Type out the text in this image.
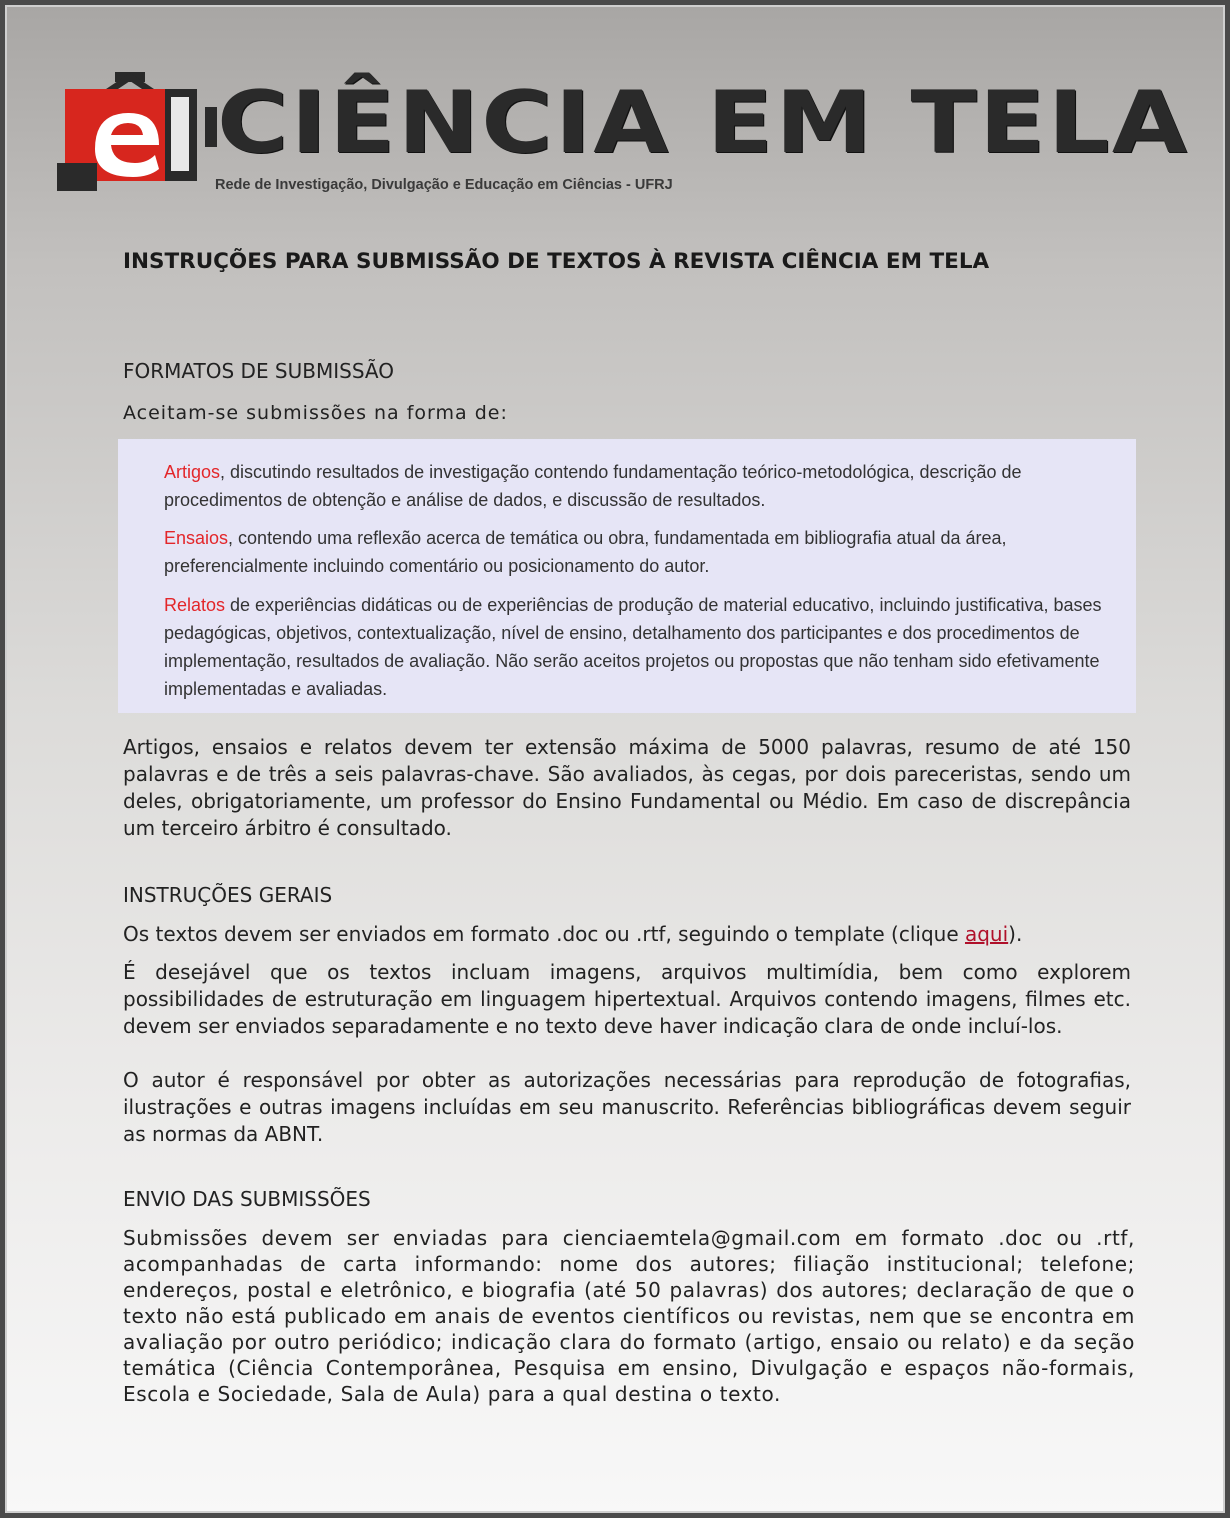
CIÊNCIA EM TELA
Rede de Investigação, Divulgação e Educação em Ciências - UFRJ
INSTRUÇÕES PARA SUBMISSÃO DE TEXTOS À REVISTA CIÊNCIA EM TELA
FORMATOS DE SUBMISSÃO
Aceitam-se submissões na forma de:
Artigos, discutindo resultados de investigação contendo fundamentação teórico-metodológica, descrição de procedimentos de obtenção e análise de dados, e discussão de resultados.
Ensaios, contendo uma reflexão acerca de temática ou obra, fundamentada em bibliografia atual da área, preferencialmente incluindo comentário ou posicionamento do autor.
Relatos de experiências didáticas ou de experiências de produção de material educativo, incluindo justificativa, bases pedagógicas, objetivos, contextualização, nível de ensino, detalhamento dos participantes e dos procedimentos de implementação, resultados de avaliação. Não serão aceitos projetos ou propostas que não tenham sido efetivamente implementadas e avaliadas.
Artigos, ensaios e relatos devem ter extensão máxima de 5000 palavras, resumo de até 150 palavras e de três a seis palavras-chave. São avaliados, às cegas, por dois pareceristas, sendo um deles, obrigatoriamente, um professor do Ensino Fundamental ou Médio. Em caso de discrepância um terceiro árbitro é consultado.
INSTRUÇÕES GERAIS
Os textos devem ser enviados em formato .doc ou .rtf, seguindo o template (clique aqui).
É desejável que os textos incluam imagens, arquivos multimídia, bem como explorem possibilidades de estruturação em linguagem hipertextual. Arquivos contendo imagens, filmes etc. devem ser enviados separadamente e no texto deve haver indicação clara de onde incluí-los.
O autor é responsável por obter as autorizações necessárias para reprodução de fotografias, ilustrações e outras imagens incluídas em seu manuscrito. Referências bibliográficas devem seguir as normas da ABNT.
ENVIO DAS SUBMISSÕES
Submissões devem ser enviadas para cienciaemtela@gmail.com em formato .doc ou .rtf, acompanhadas de carta informando: nome dos autores; filiação institucional; telefone; endereços, postal e eletrônico, e biografia (até 50 palavras) dos autores; declaração de que o texto não está publicado em anais de eventos científicos ou revistas, nem que se encontra em avaliação por outro periódico; indicação clara do formato (artigo, ensaio ou relato) e da seção temática (Ciência Contemporânea, Pesquisa em ensino, Divulgação e espaços não-formais, Escola e Sociedade, Sala de Aula) para a qual destina o texto.
